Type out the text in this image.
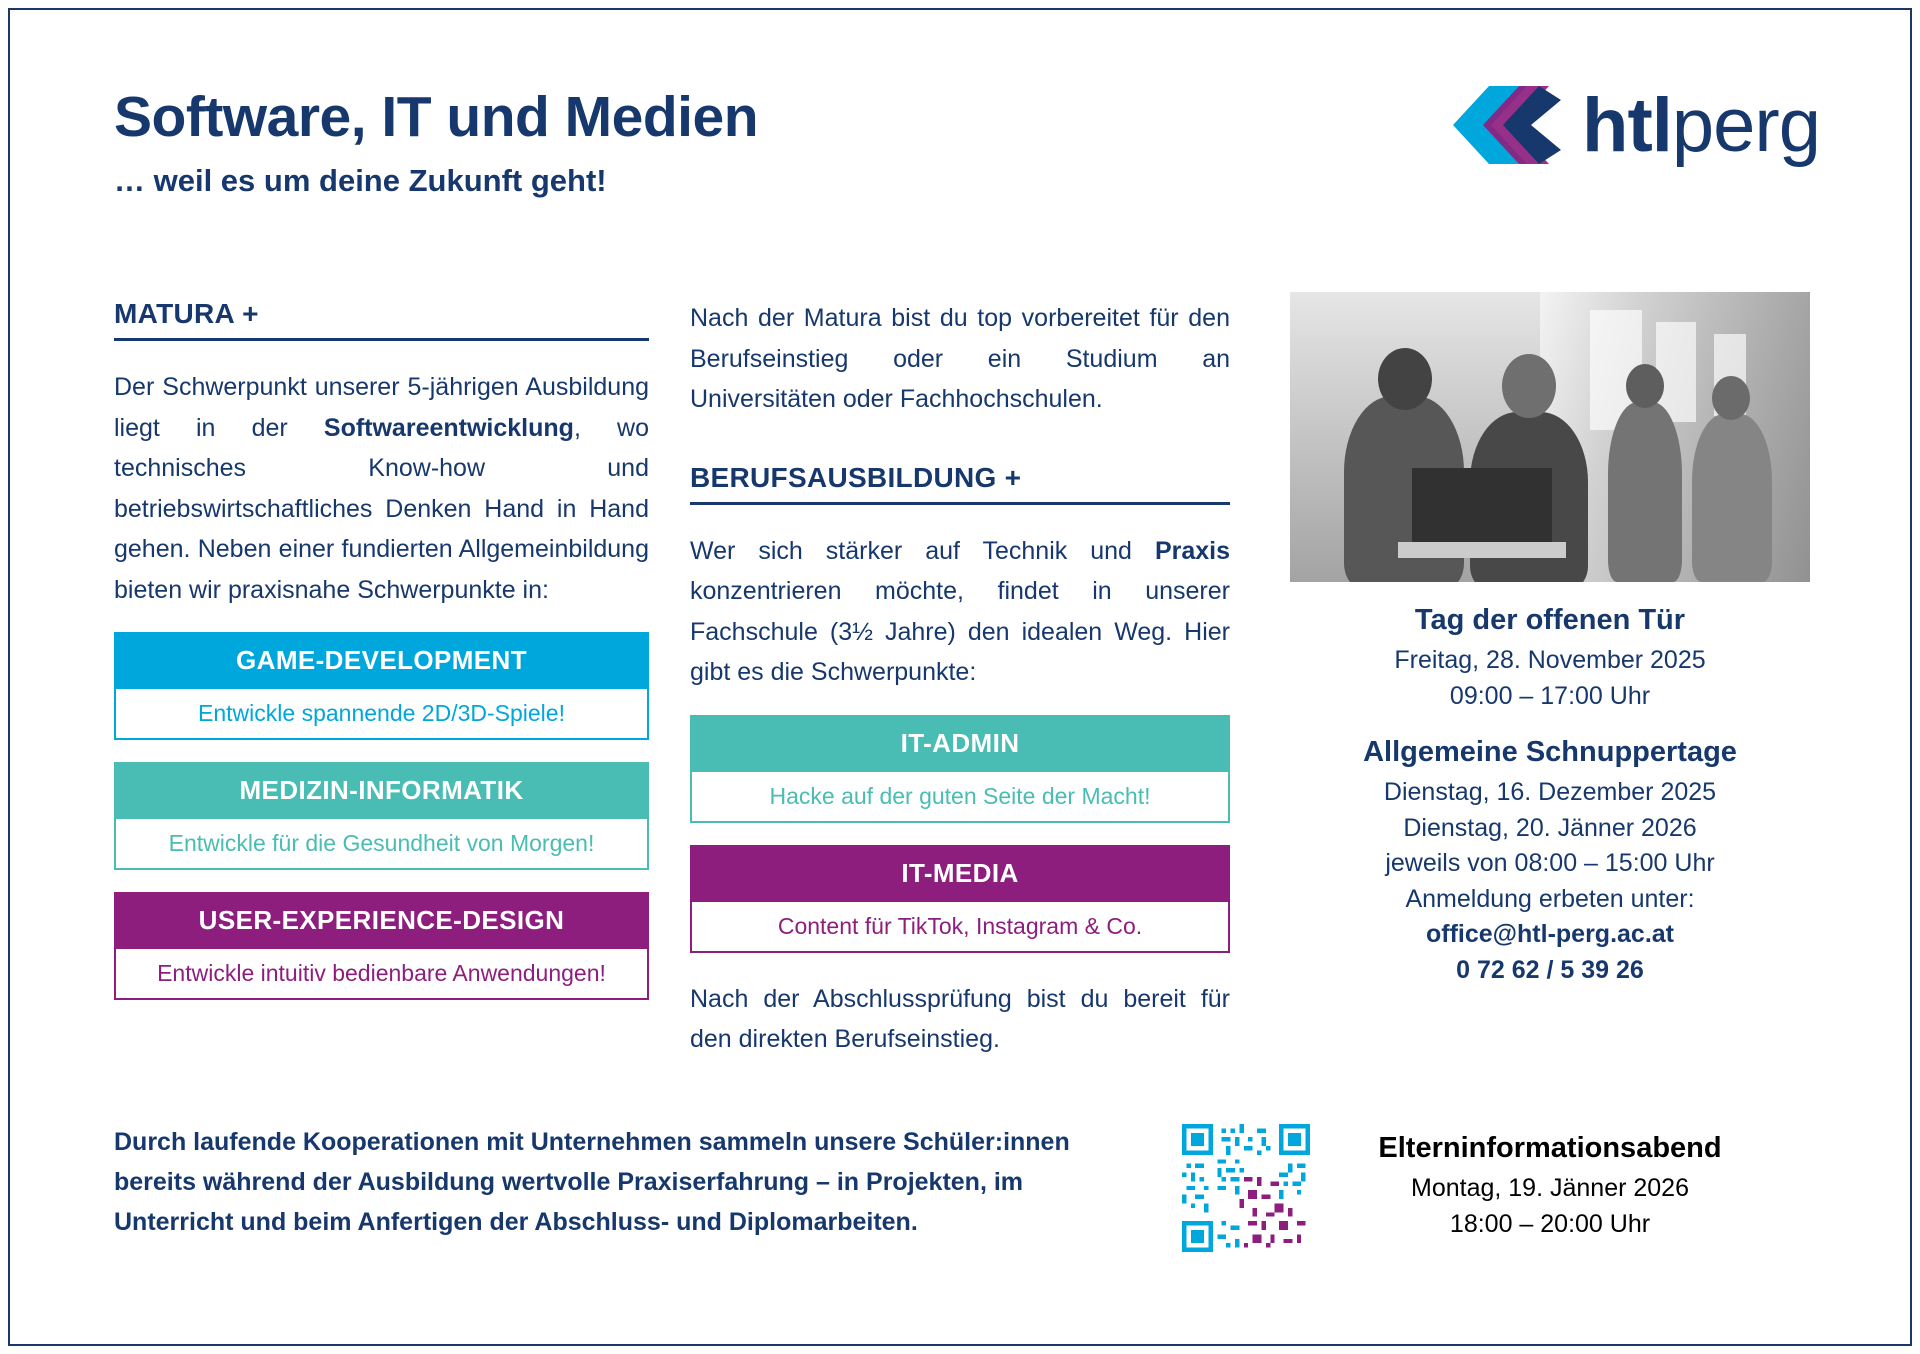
Software, IT und Medien
… weil es um deine Zukunft geht!
htlperg
MATURA +

Der Schwerpunkt unserer 5-jährigen Ausbildung liegt in der Softwareentwicklung, wo technisches Know-how und betriebswirtschaftliches Denken Hand in Hand gehen. Neben einer fundierten Allgemeinbildung bieten wir praxisnahe Schwerpunkte in:

GAME-DEVELOPMENT
Entwickle spannende 2D/3D-Spiele!
MEDIZIN-INFORMATIK
Entwickle für die Gesundheit von Morgen!
USER-EXPERIENCE-DESIGN
Entwickle intuitiv bedienbare Anwendungen!

Nach der Matura bist du top vorbereitet für den Berufseinstieg oder ein Studium an Universitäten oder Fachhochschulen.

BERUFSAUSBILDUNG +

Wer sich stärker auf Technik und Praxis konzentrieren möchte, findet in unserer Fachschule (3½ Jahre) den idealen Weg. Hier gibt es die Schwerpunkte:

IT-ADMIN
Hacke auf der guten Seite der Macht!
IT-MEDIA
Content für TikTok, Instagram & Co.

Nach der Abschlussprüfung bist du bereit für den direkten Berufseinstieg.

Tag der offenen Tür
Freitag, 28. November 2025
09:00 – 17:00 Uhr
Allgemeine Schnuppertage
Dienstag, 16. Dezember 2025
Dienstag, 20. Jänner 2026
jeweils von 08:00 – 15:00 Uhr
Anmeldung erbeten unter:
office@htl-perg.ac.at
0 72 62 / 5 39 26
Durch laufende Kooperationen mit Unternehmen sammeln unsere Schüler:innen bereits während der Ausbildung wertvolle Praxiserfahrung – in Projekten, im Unterricht und beim Anfertigen der Abschluss- und Diplomarbeiten.
Elterninformationsabend
Montag, 19. Jänner 2026
18:00 – 20:00 Uhr
